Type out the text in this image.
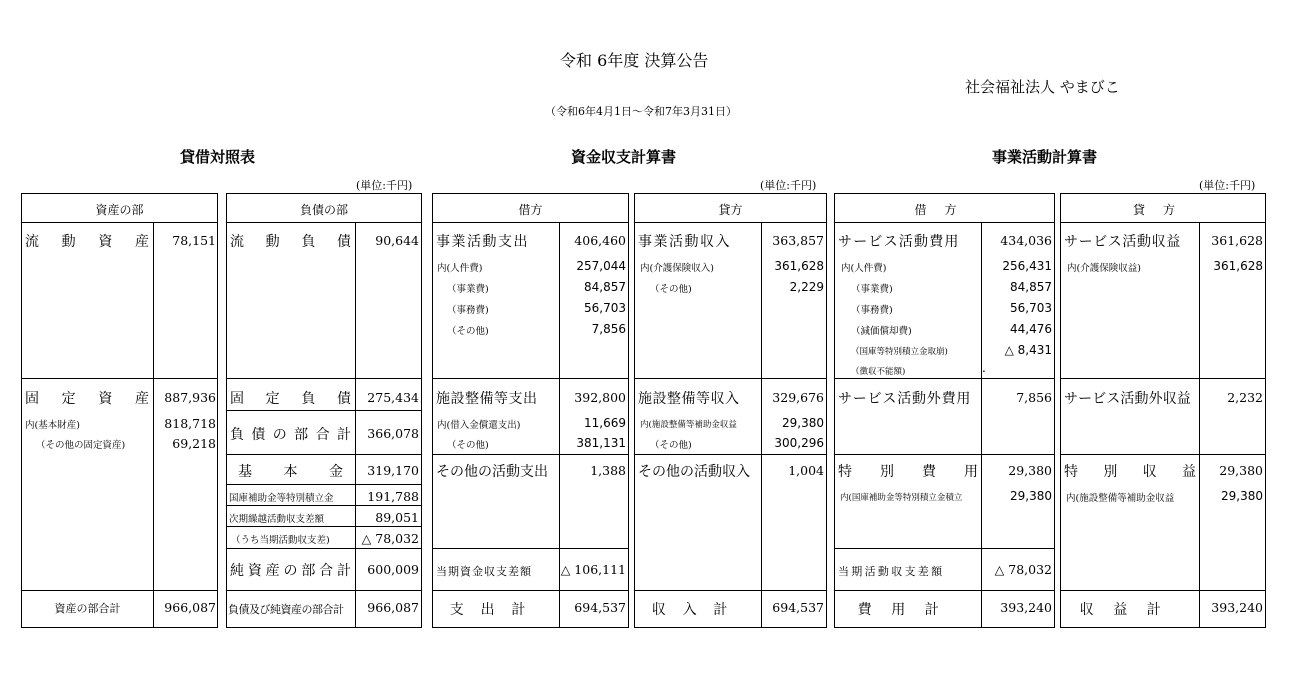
令和 6年度 決算公告
社会福祉法人 やまびこ
（令和6年4月1日～令和7年3月31日）
貸借対照表	資金収支計算書	事業活動計算書
(単位:千円)	(単位:千円)	(単位:千円)
資産の部
流 動 資 産	78,151
固 定 資 産	887,936
内(基本財産)	818,718
（その他の固定資産)	69,218
資産の部合計	966,087
負債の部
流 動 負 債	90,644
固 定 負 債	275,434
負 債 の 部 合 計	366,078
基 本 金	319,170
国庫補助金等特別積立金	191,788
次期繰越活動収支差額	89,051
（うち当期活動収支差)	△ 78,032
純 資 産 の 部 合 計	600,009
負債及び純資産の部合計	966,087
借方
事業活動支出	406,460
内(人件費)	257,044
（事業費)	84,857
（事務費)	56,703
（その他)	7,856
施設整備等支出	392,800
内(借入金償還支出)	11,669
（その他)	381,131
その他の活動支出	1,388
当期資金収支差額 △ 106,111
支出計	694,537
貸方
事業活動収入	363,857
内(介護保険収入)	361,628
（その他)	2,229
施設整備等収入	329,676
内(施設整備等補助金収益	29,380
（その他)	300,296
その他の活動収入	1,004
収入計	694,537
借方
サービス活動費用	434,036
内(人件費)	256,431
（事業費)	84,857
（事務費)	56,703
（減価償却費)	44,476
（国庫等特別積立金取崩)	△ 8,431
（徴収不能額)	.
サービス活動外費用	7,856
特 別 費 用	29,380
内(国庫補助金等特別積立金積立	29,380
当期活動収支差額	△ 78,032
費用計	393,240
貸方
サービス活動収益	361,628
内(介護保険収益)	361,628
サービス活動外収益	2,232
特 別 収 益	29,380
内(施設整備等補助金収益	29,380
収益計	393,240
